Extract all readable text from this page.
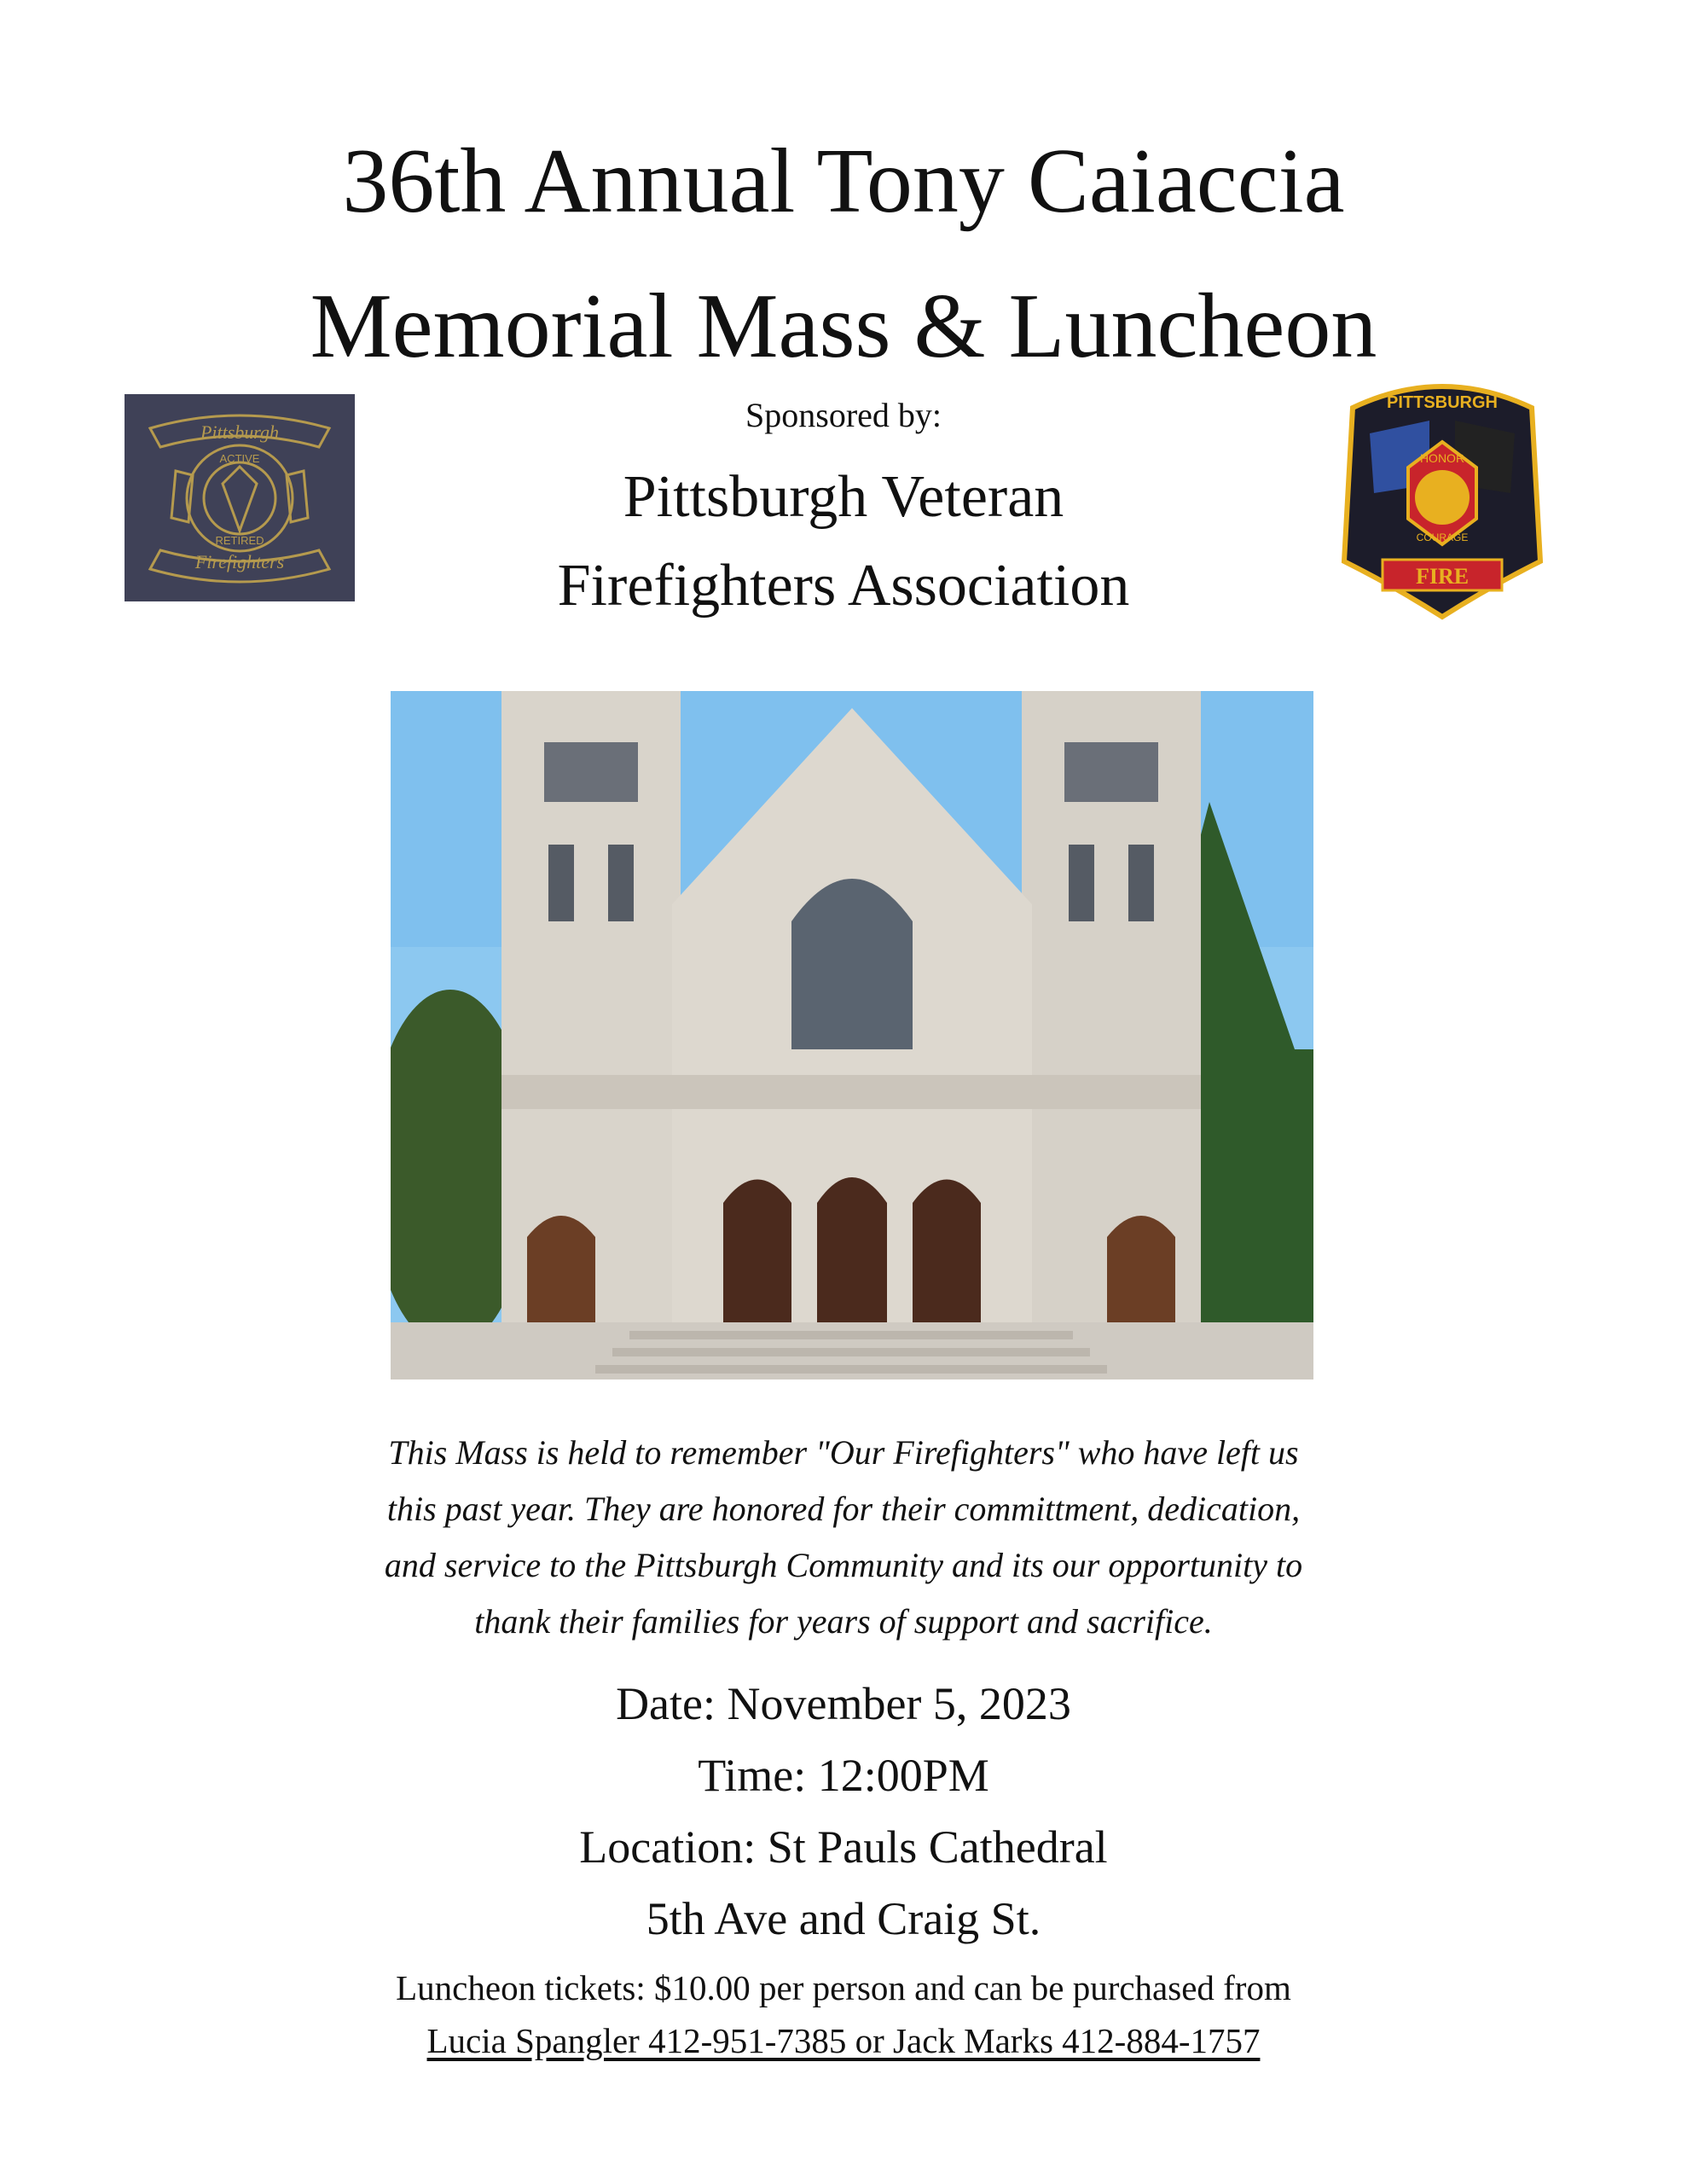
36th Annual Tony Caiaccia
Memorial Mass & Luncheon
Pittsburgh
Firefighters
ACTIVE
RETIRED
Sponsored by:
Pittsburgh Veteran
Firefighters Association
PITTSBURGH
HONOR
COURAGE
FIRE
This Mass is held to remember "Our Firefighters" who have left us
this past year. They are honored for their committment, dedication,
and service to the Pittsburgh Community and its our opportunity to
thank their families for years of support and sacrifice.
Date: November 5, 2023
Time: 12:00PM
Location: St Pauls Cathedral
5th Ave and Craig St.
Luncheon tickets: $10.00 per person and can be purchased from
Lucia Spangler 412-951-7385 or Jack Marks 412-884-1757
